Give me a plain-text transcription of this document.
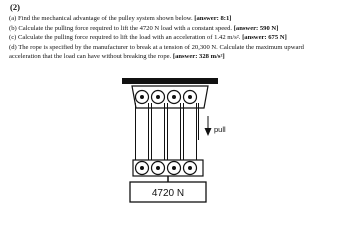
(2)

(a) Find the mechanical advantage of the pulley system shown below. [answer: 8:1]

(b) Calculate the pulling force required to lift the 4720 N load with a constant speed. [answer: 590 N]

(c) Calculate the pulling force required to lift the load with an acceleration of 1.42 m/s². [answer: 675 N]

(d) The rope is specified by the manufacturer to break at a tension of 20,300 N. Calculate the maximum upward

acceleration that the load can have without breaking the rope. [answer: 328 m/s²]

pull
4720 N
